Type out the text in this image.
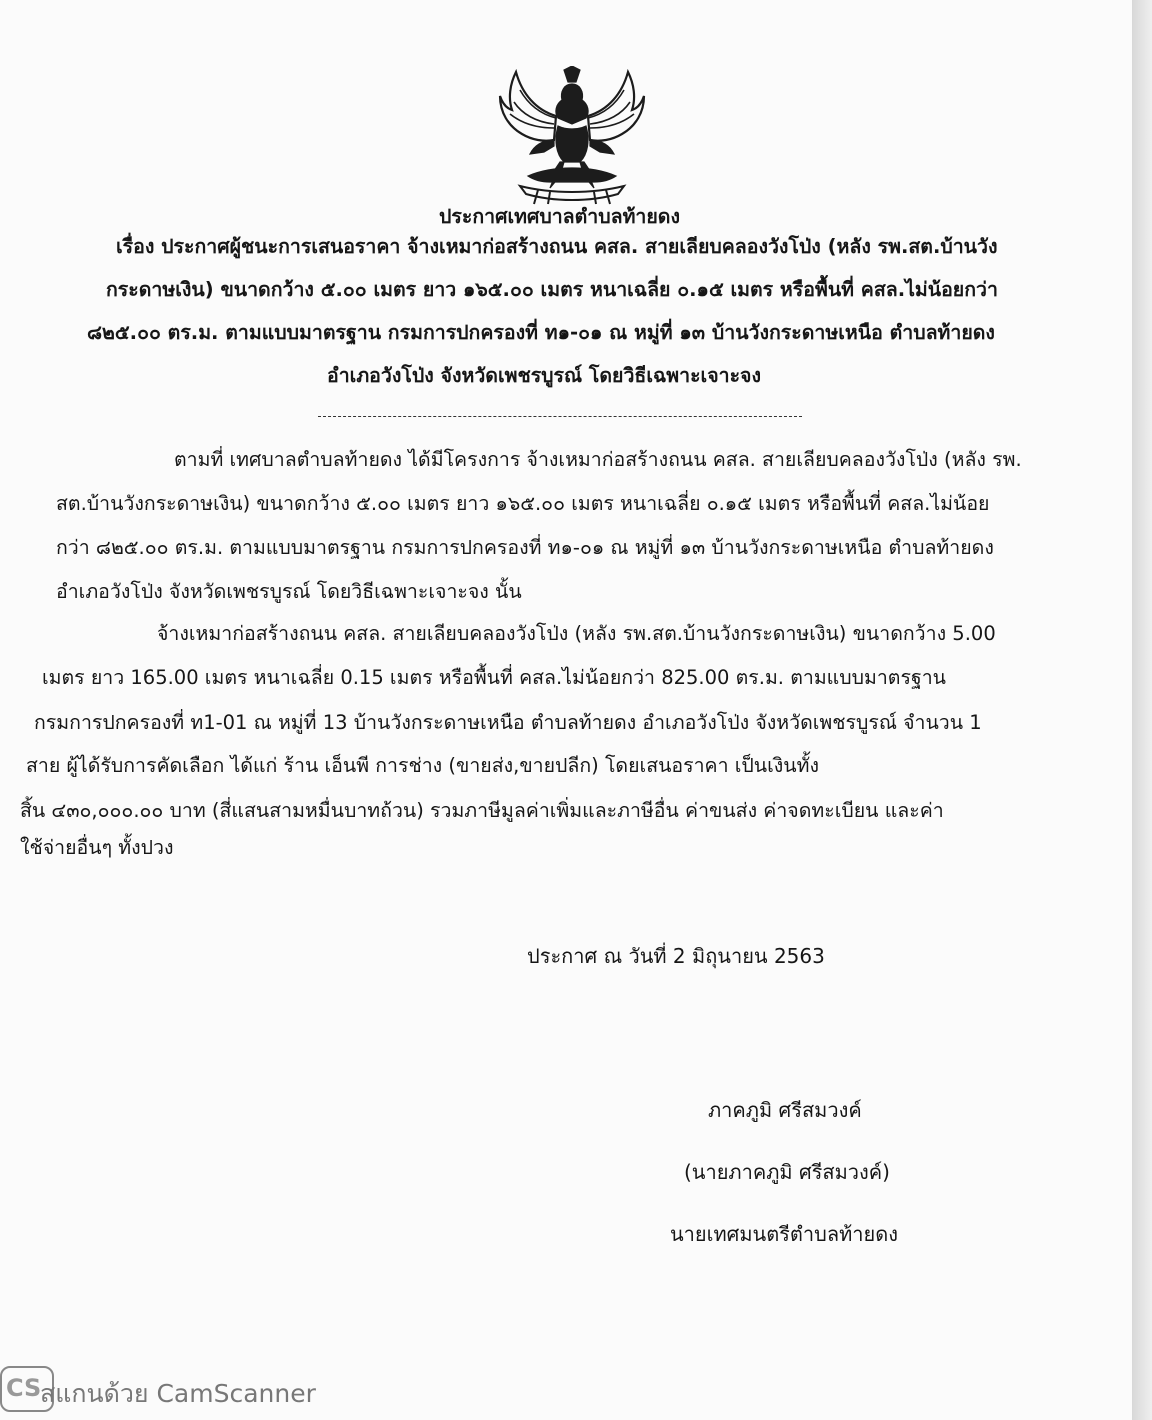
ประกาศเทศบาลตำบลท้ายดง
เรื่อง ประกาศผู้ชนะการเสนอราคา จ้างเหมาก่อสร้างถนน คสล. สายเลียบคลองวังโป่ง (หลัง รพ.สต.บ้านวัง
กระดาษเงิน) ขนาดกว้าง ๕.๐๐ เมตร ยาว ๑๖๕.๐๐ เมตร หนาเฉลี่ย ๐.๑๕ เมตร หรือพื้นที่ คสล.ไม่น้อยกว่า
๘๒๕.๐๐ ตร.ม. ตามแบบมาตรฐาน กรมการปกครองที่ ท๑-๐๑ ณ หมู่ที่ ๑๓ บ้านวังกระดาษเหนือ ตำบลท้ายดง
อำเภอวังโป่ง จังหวัดเพชรบูรณ์ โดยวิธีเฉพาะเจาะจง
ตามที่ เทศบาลตำบลท้ายดง ได้มีโครงการ จ้างเหมาก่อสร้างถนน คสล. สายเลียบคลองวังโป่ง (หลัง รพ.
สต.บ้านวังกระดาษเงิน) ขนาดกว้าง ๕.๐๐ เมตร ยาว ๑๖๕.๐๐ เมตร หนาเฉลี่ย ๐.๑๕ เมตร หรือพื้นที่ คสล.ไม่น้อย
กว่า ๘๒๕.๐๐ ตร.ม. ตามแบบมาตรฐาน กรมการปกครองที่ ท๑-๐๑ ณ หมู่ที่ ๑๓ บ้านวังกระดาษเหนือ ตำบลท้ายดง
อำเภอวังโป่ง จังหวัดเพชรบูรณ์ โดยวิธีเฉพาะเจาะจง นั้น
จ้างเหมาก่อสร้างถนน คสล. สายเลียบคลองวังโป่ง (หลัง รพ.สต.บ้านวังกระดาษเงิน) ขนาดกว้าง 5.00
เมตร ยาว 165.00 เมตร หนาเฉลี่ย 0.15 เมตร หรือพื้นที่ คสล.ไม่น้อยกว่า 825.00 ตร.ม. ตามแบบมาตรฐาน
กรมการปกครองที่ ท1-01 ณ หมู่ที่ 13 บ้านวังกระดาษเหนือ ตำบลท้ายดง อำเภอวังโป่ง จังหวัดเพชรบูรณ์ จำนวน 1
สาย ผู้ได้รับการคัดเลือก ได้แก่ ร้าน เอ็นพี การช่าง (ขายส่ง,ขายปลีก) โดยเสนอราคา เป็นเงินทั้ง
สิ้น ๔๓๐,๐๐๐.๐๐ บาท (สี่แสนสามหมื่นบาทถ้วน) รวมภาษีมูลค่าเพิ่มและภาษีอื่น ค่าขนส่ง ค่าจดทะเบียน และค่า
ใช้จ่ายอื่นๆ ทั้งปวง
ประกาศ ณ วันที่ 2 มิถุนายน 2563
ภาคภูมิ ศรีสมวงค์
(นายภาคภูมิ ศรีสมวงค์)
นายเทศมนตรีตำบลท้ายดง
CS
สแกนด้วย CamScanner
